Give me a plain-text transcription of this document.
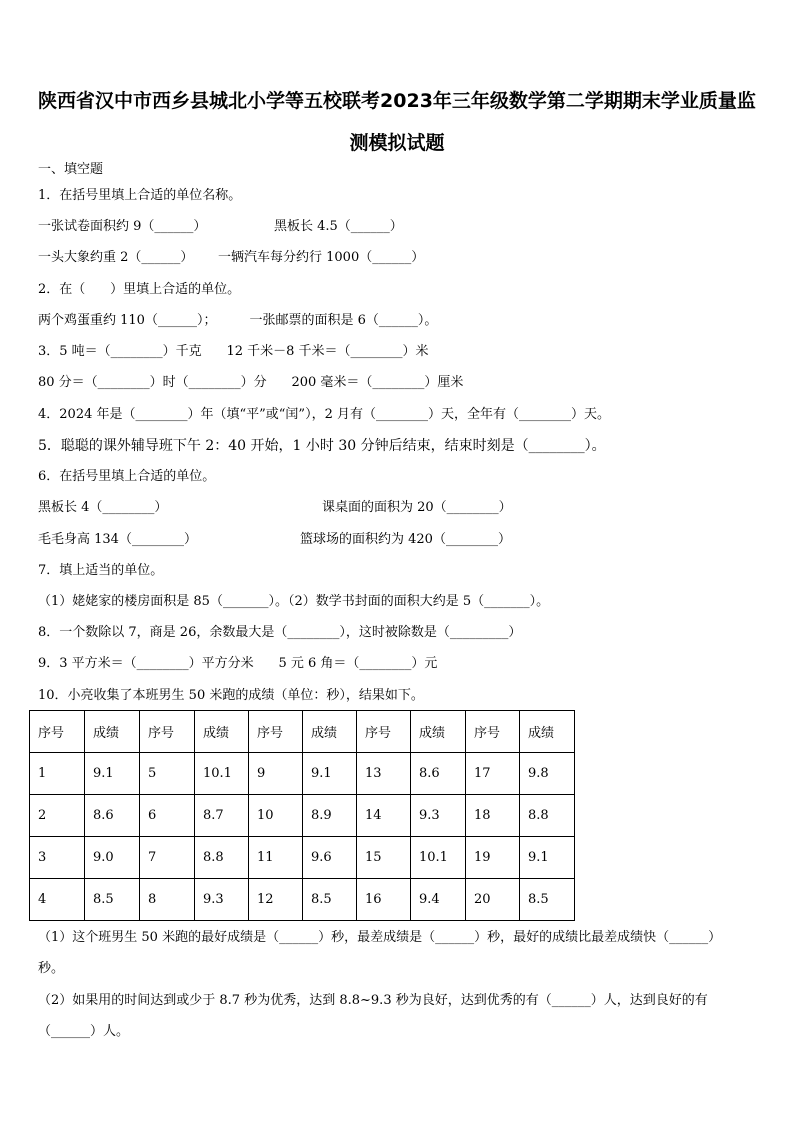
陕西省汉中市西乡县城北小学等五校联考2023年三年级数学第二学期期末学业质量监
测模拟试题
一、填空题
1．在括号里填上合适的单位名称。
一张试卷面积约 9（______）	黑板长 4.5（______）
一头大象约重 2（______） 一辆汽车每分约行 1000（______）
2．在（      ）里填上合适的单位。
两个鸡蛋重约 110（______）；        一张邮票的面积是 6（______）。
3．5 吨＝（________）千克      12 千米－8 千米＝（________）米
80 分＝（________）时（________）分      200 毫米＝（________）厘米
4．2024 年是（________）年（填“平”或“闰”），2 月有（________）天，全年有（________）天。
5．聪聪的课外辅导班下午 2：40 开始，1 小时 30 分钟后结束，结束时刻是（________）。
6．在括号里填上合适的单位。
黑板长 4（________）	课桌面的面积为 20（________）
毛毛身高 134（________）	篮球场的面积约为 420（________）
7．填上适当的单位。
（1）姥姥家的楼房面积是 85（_______）。（2）数学书封面的面积大约是 5（_______）。
8．一个数除以 7，商是 26，余数最大是（________），这时被除数是（_________）
9．3 平方米＝（________）平方分米      5 元 6 角＝（________）元
10．小亮收集了本班男生 50 米跑的成绩（单位：秒），结果如下。
序号	成绩	序号	成绩	序号	成绩	序号	成绩	序号	成绩
1	9.1	5	10.1	9	9.1	13	8.6	17	9.8
2	8.6	6	8.7	10	8.9	14	9.3	18	8.8
3	9.0	7	8.8	11	9.6	15	10.1	19	9.1
4	8.5	8	9.3	12	8.5	16	9.4	20	8.5
（1）这个班男生 50 米跑的最好成绩是（______）秒，最差成绩是（______）秒，最好的成绩比最差成绩快（______）
秒。
（2）如果用的时间达到或少于 8.7 秒为优秀，达到 8.8~9.3 秒为良好，达到优秀的有（______）人，达到良好的有
（______）人。
